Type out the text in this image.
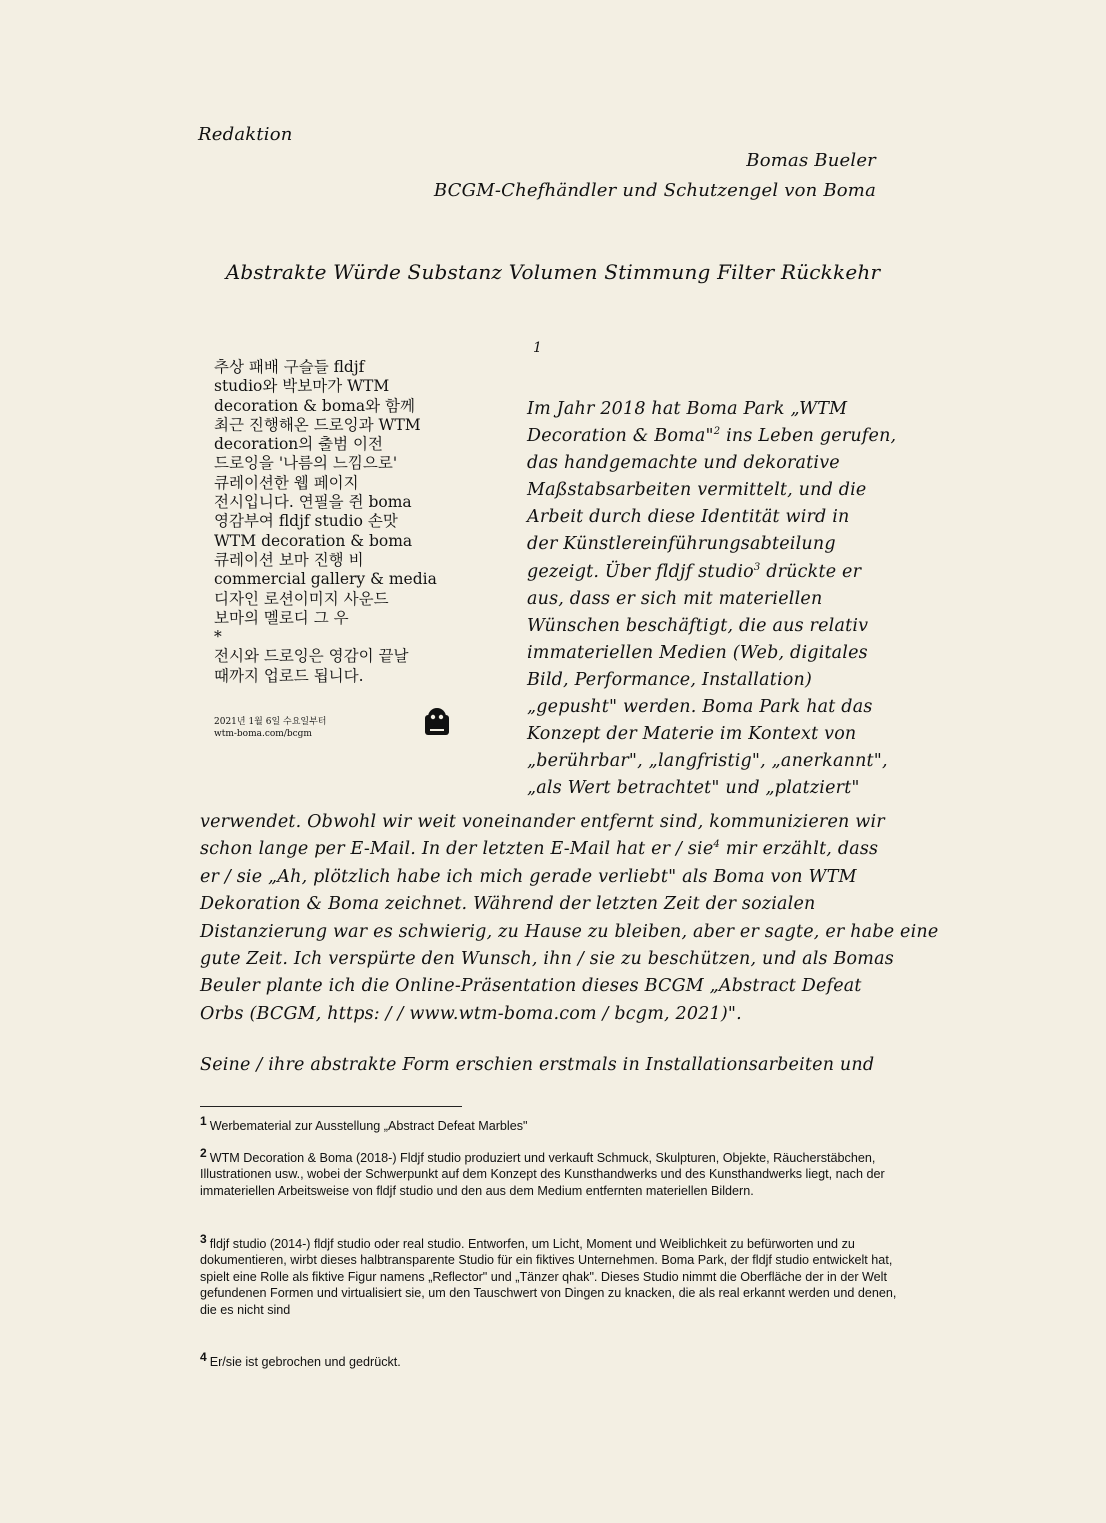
Redaktion
Bomas Bueler
BCGM-Chefhändler und Schutzengel von Boma
Abstrakte Würde Substanz Volumen Stimmung Filter Rückkehr
1

추상 패배 구슬들 fldjf

studio와 박보마가 WTM

decoration & boma와 함께

최근 진행해온 드로잉과 WTM

decoration의 출범 이전

드로잉을 '나름의 느낌으로'

큐레이션한 웹 페이지

전시입니다. 연필을 쥔 boma

영감부여 fldjf studio 손맛

WTM decoration & boma

큐레이션 보마 진행 비

commercial gallery & media

디자인 로션이미지 사운드

보마의 멜로디 그 우

*

전시와 드로잉은 영감이 끝날

때까지 업로드 됩니다.

2021년 1월 6일 수요일부터
wtm-boma.com/bcgm

Im Jahr 2018 hat Boma Park „WTM

Decoration & Boma"$^2$ ins Leben gerufen,

das handgemachte und dekorative

Maßstabsarbeiten vermittelt, und die

Arbeit durch diese Identität wird in

der Künstlereinführungsabteilung

gezeigt. Über fldjf studio$^3$ drückte er

aus, dass er sich mit materiellen

Wünschen beschäftigt, die aus relativ

immateriellen Medien (Web, digitales

Bild, Performance, Installation)

„gepusht" werden. Boma Park hat das

Konzept der Materie im Kontext von

„berührbar", „langfristig", „anerkannt",

„als Wert betrachtet" und „platziert"

verwendet. Obwohl wir weit voneinander entfernt sind, kommunizieren wir

schon lange per E-Mail. In der letzten E-Mail hat er / sie$^4$ mir erzählt, dass

er / sie „Ah, plötzlich habe ich mich gerade verliebt" als Boma von WTM

Dekoration & Boma zeichnet. Während der letzten Zeit der sozialen

Distanzierung war es schwierig, zu Hause zu bleiben, aber er sagte, er habe eine

gute Zeit. Ich verspürte den Wunsch, ihn / sie zu beschützen, und als Bomas

Beuler plante ich die Online-Präsentation dieses BCGM „Abstract Defeat

Orbs (BCGM, https: / / www.wtm-boma.com / bcgm, 2021)".

Seine / ihre abstrakte Form erschien erstmals in Installationsarbeiten und

1 Werbematerial zur Ausstellung „Abstract Defeat Marbles"

2 WTM Decoration & Boma (2018-) Fldjf studio produziert und verkauft Schmuck, Skulpturen, Objekte, Räucherstäbchen, Illustrationen usw., wobei der Schwerpunkt auf dem Konzept des Kunsthandwerks und des Kunsthandwerks liegt, nach der immateriellen Arbeitsweise von fldjf studio und den aus dem Medium entfernten materiellen Bildern.

3 fldjf studio (2014-) fldjf studio oder real studio. Entworfen, um Licht, Moment und Weiblichkeit zu befürworten und zu dokumentieren, wirbt dieses halbtransparente Studio für ein fiktives Unternehmen. Boma Park, der fldjf studio entwickelt hat, spielt eine Rolle als fiktive Figur namens „Reflector" und „Tänzer qhak". Dieses Studio nimmt die Oberfläche der in der Welt gefundenen Formen und virtualisiert sie, um den Tauschwert von Dingen zu knacken, die als real erkannt werden und denen, die es nicht sind

4 Er/sie ist gebrochen und gedrückt.
